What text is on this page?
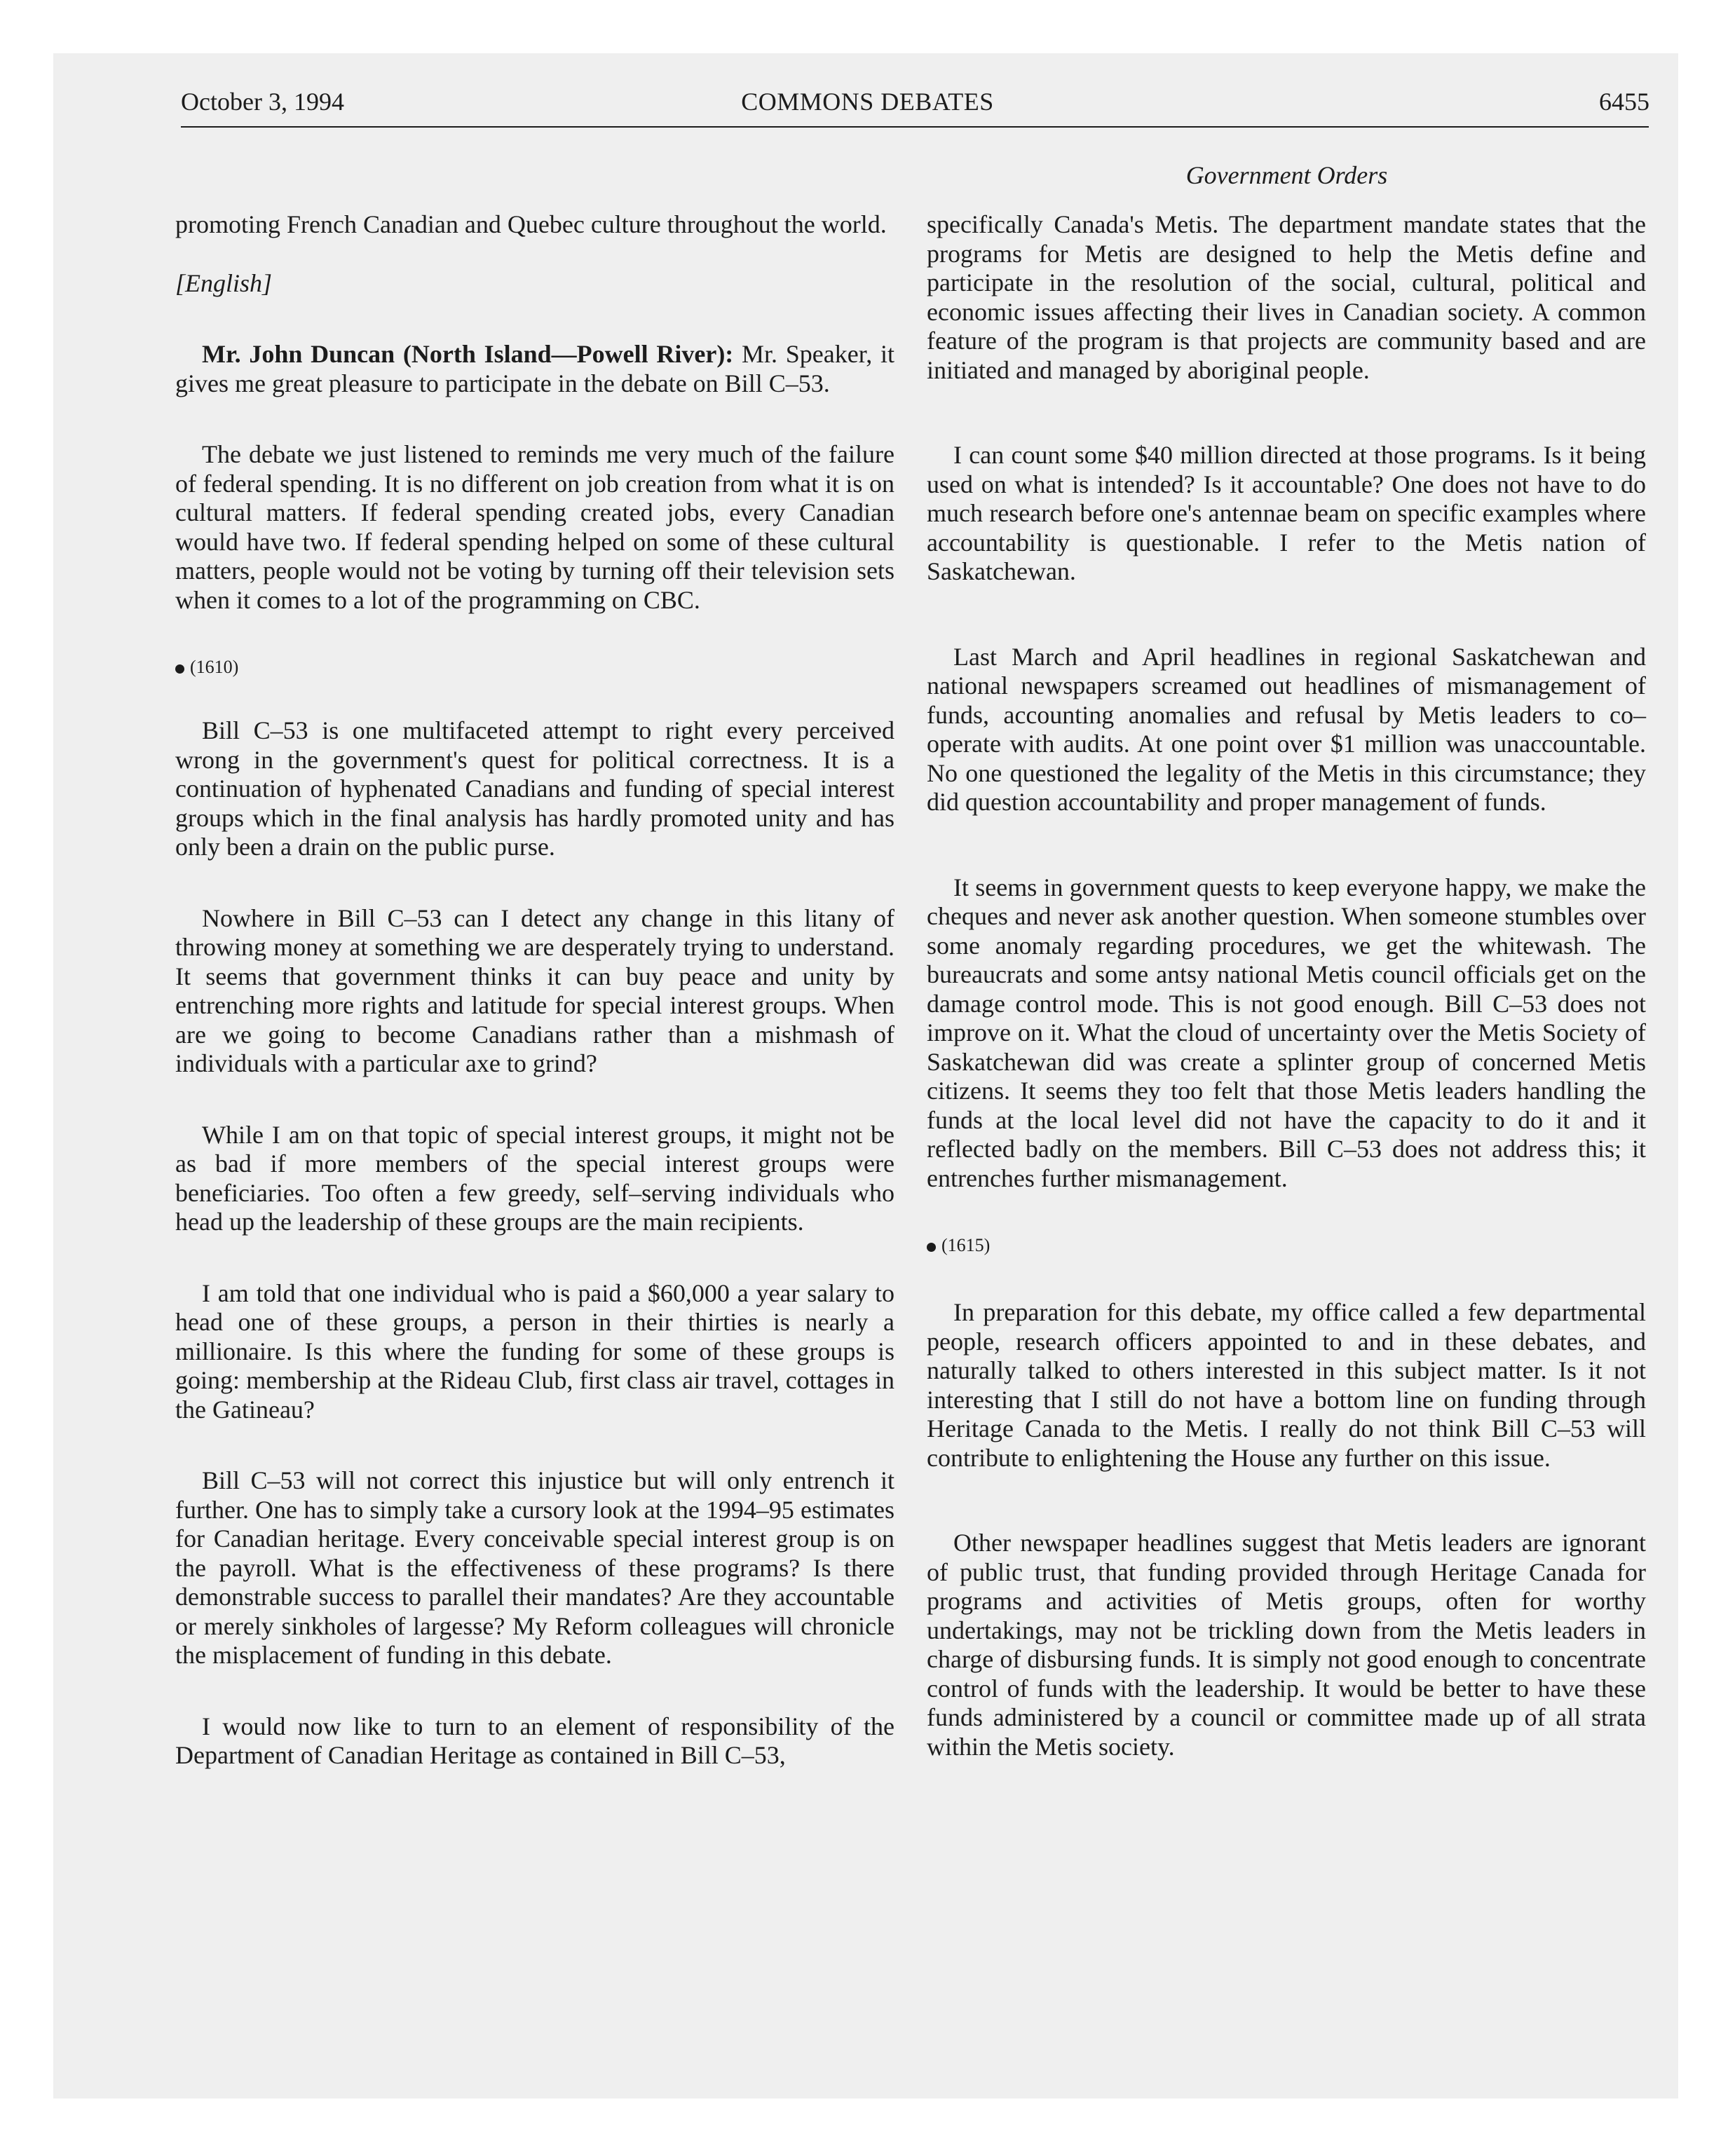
October 3, 1994	COMMONS DEBATES	6455
Government Orders

promoting French Canadian and Quebec culture throughout the world.

[English]

Mr. John Duncan (North Island—Powell River): Mr. Speaker, it gives me great pleasure to participate in the debate on Bill C–53.

The debate we just listened to reminds me very much of the failure of federal spending. It is no different on job creation from what it is on cultural matters. If federal spending created jobs, every Canadian would have two. If federal spending helped on some of these cultural matters, people would not be voting by turning off their television sets when it comes to a lot of the programming on CBC.

(1610)

Bill C–53 is one multifaceted attempt to right every perceived wrong in the government's quest for political correctness. It is a continuation of hyphenated Canadians and funding of special interest groups which in the final analysis has hardly promoted unity and has only been a drain on the public purse.

Nowhere in Bill C–53 can I detect any change in this litany of throwing money at something we are desperately trying to understand. It seems that government thinks it can buy peace and unity by entrenching more rights and latitude for special interest groups. When are we going to become Canadians rather than a mishmash of individuals with a particular axe to grind?

While I am on that topic of special interest groups, it might not be as bad if more members of the special interest groups were beneficiaries. Too often a few greedy, self–serving individuals who head up the leadership of these groups are the main recipients.

I am told that one individual who is paid a $60,000 a year salary to head one of these groups, a person in their thirties is nearly a millionaire. Is this where the funding for some of these groups is going: membership at the Rideau Club, first class air travel, cottages in the Gatineau?

Bill C–53 will not correct this injustice but will only entrench it further. One has to simply take a cursory look at the 1994–95 estimates for Canadian heritage. Every conceivable special interest group is on the payroll. What is the effectiveness of these programs? Is there demonstrable success to parallel their mandates? Are they accountable or merely sinkholes of largesse? My Reform colleagues will chronicle the misplacement of funding in this debate.

I would now like to turn to an element of responsibility of the Department of Canadian Heritage as contained in Bill C–53,

specifically Canada's Metis. The department mandate states that the programs for Metis are designed to help the Metis define and participate in the resolution of the social, cultural, political and economic issues affecting their lives in Canadian society. A common feature of the program is that projects are community based and are initiated and managed by aboriginal people.

I can count some $40 million directed at those programs. Is it being used on what is intended? Is it accountable? One does not have to do much research before one's antennae beam on specific examples where accountability is questionable. I refer to the Metis nation of Saskatchewan.

Last March and April headlines in regional Saskatchewan and national newspapers screamed out headlines of mismanagement of funds, accounting anomalies and refusal by Metis leaders to co–operate with audits. At one point over $1 million was unaccountable. No one questioned the legality of the Metis in this circumstance; they did question accountability and proper management of funds.

It seems in government quests to keep everyone happy, we make the cheques and never ask another question. When someone stumbles over some anomaly regarding procedures, we get the whitewash. The bureaucrats and some antsy national Metis council officials get on the damage control mode. This is not good enough. Bill C–53 does not improve on it. What the cloud of uncertainty over the Metis Society of Saskatchewan did was create a splinter group of concerned Metis citizens. It seems they too felt that those Metis leaders handling the funds at the local level did not have the capacity to do it and it reflected badly on the members. Bill C–53 does not address this; it entrenches further mismanagement.

(1615)

In preparation for this debate, my office called a few departmental people, research officers appointed to and in these debates, and naturally talked to others interested in this subject matter. Is it not interesting that I still do not have a bottom line on funding through Heritage Canada to the Metis. I really do not think Bill C–53 will contribute to enlightening the House any further on this issue.

Other newspaper headlines suggest that Metis leaders are ignorant of public trust, that funding provided through Heritage Canada for programs and activities of Metis groups, often for worthy undertakings, may not be trickling down from the Metis leaders in charge of disbursing funds. It is simply not good enough to concentrate control of funds with the leadership. It would be better to have these funds administered by a council or committee made up of all strata within the Metis society.
